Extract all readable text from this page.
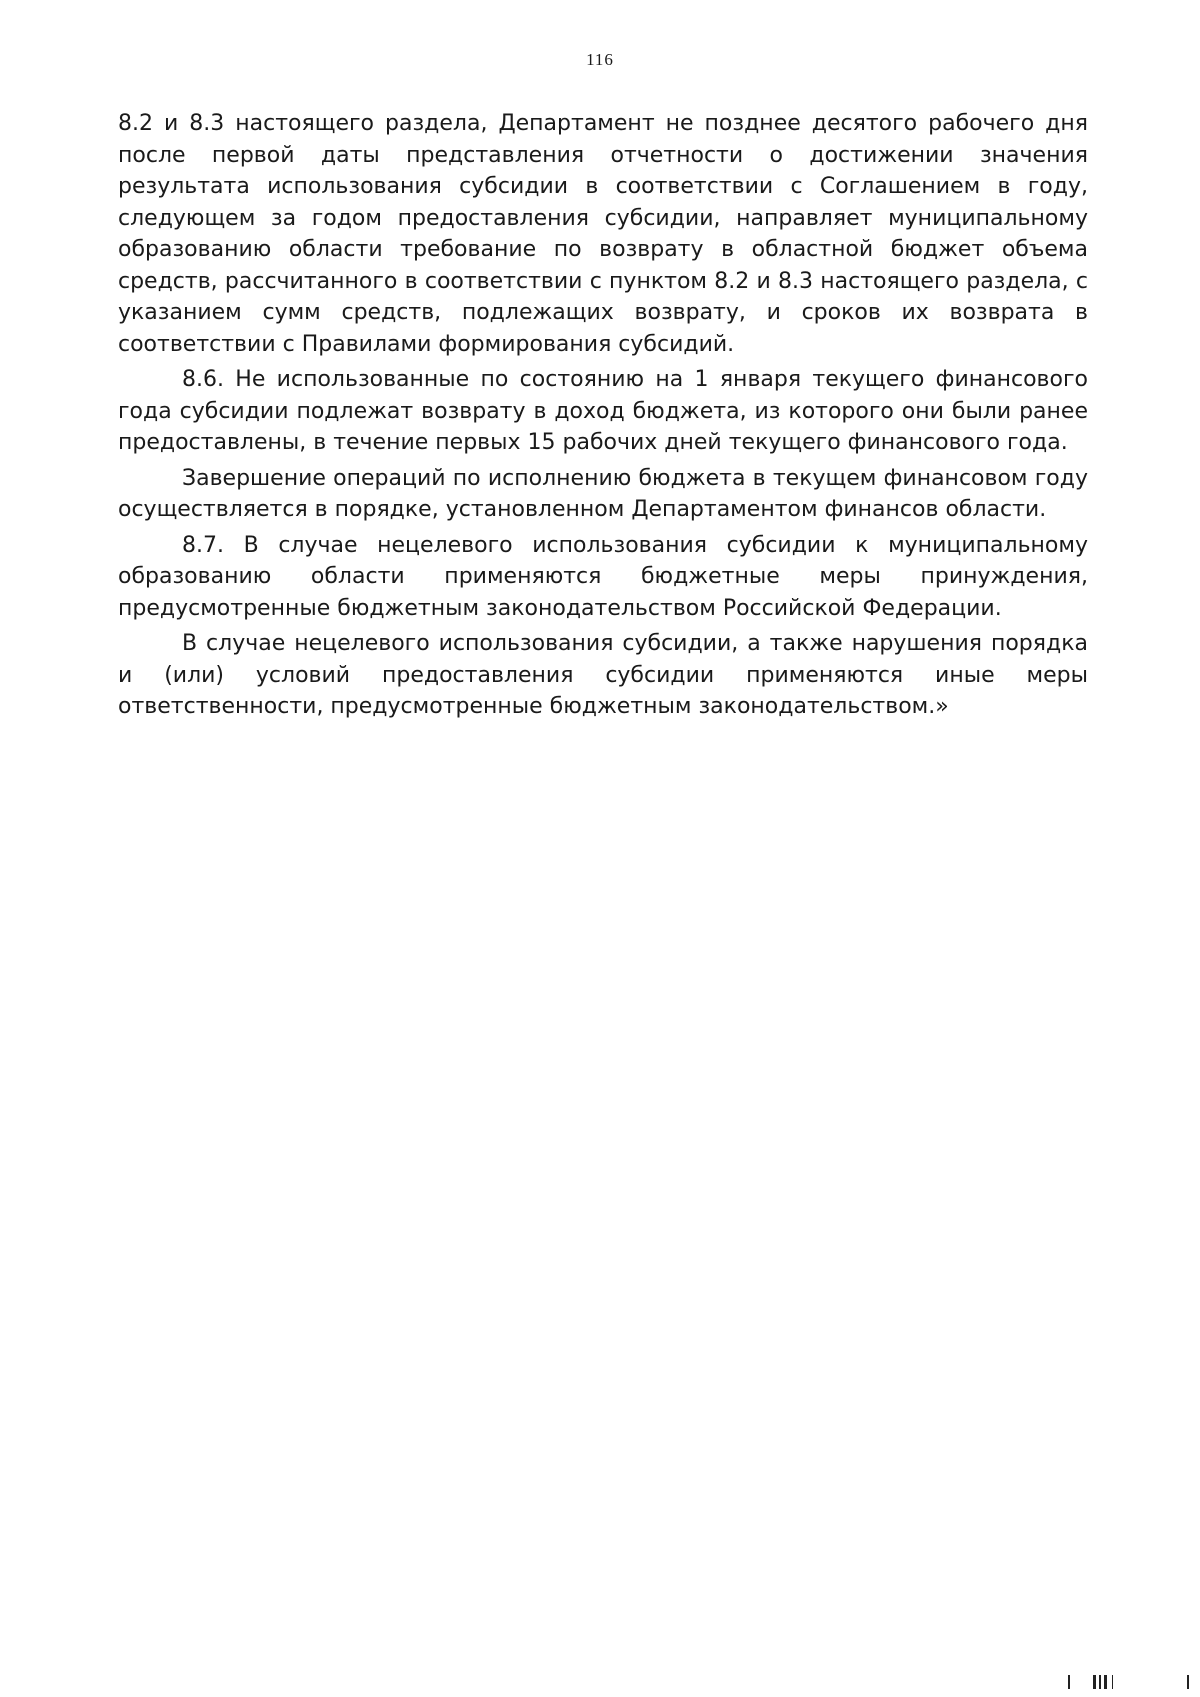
116

8.2 и 8.3 настоящего раздела, Департамент не позднее десятого рабочего дня после первой даты представления отчетности о достижении значения результата использования субсидии в соответствии с Соглашением в году, следующем за годом предоставления субсидии, направляет муниципальному образованию области требование по возврату в областной бюджет объема средств, рассчитанного в соответствии с пунктом 8.2 и 8.3 настоящего раздела, с указанием сумм средств, подлежащих возврату, и сроков их возврата в соответствии с Правилами формирования субсидий.

8.6. Не использованные по состоянию на 1 января текущего финансового года субсидии подлежат возврату в доход бюджета, из которого они были ранее предоставлены, в течение первых 15 рабочих дней текущего финансового года.

Завершение операций по исполнению бюджета в текущем финансовом году осуществляется в порядке, установленном Департаментом финансов области.

8.7. В случае нецелевого использования субсидии к муниципальному образованию области применяются бюджетные меры принуждения, предусмотренные бюджетным законодательством Российской Федерации.

В случае нецелевого использования субсидии, а также нарушения порядка и (или) условий предоставления субсидии применяются иные меры ответственности, предусмотренные бюджетным законодательством.»
